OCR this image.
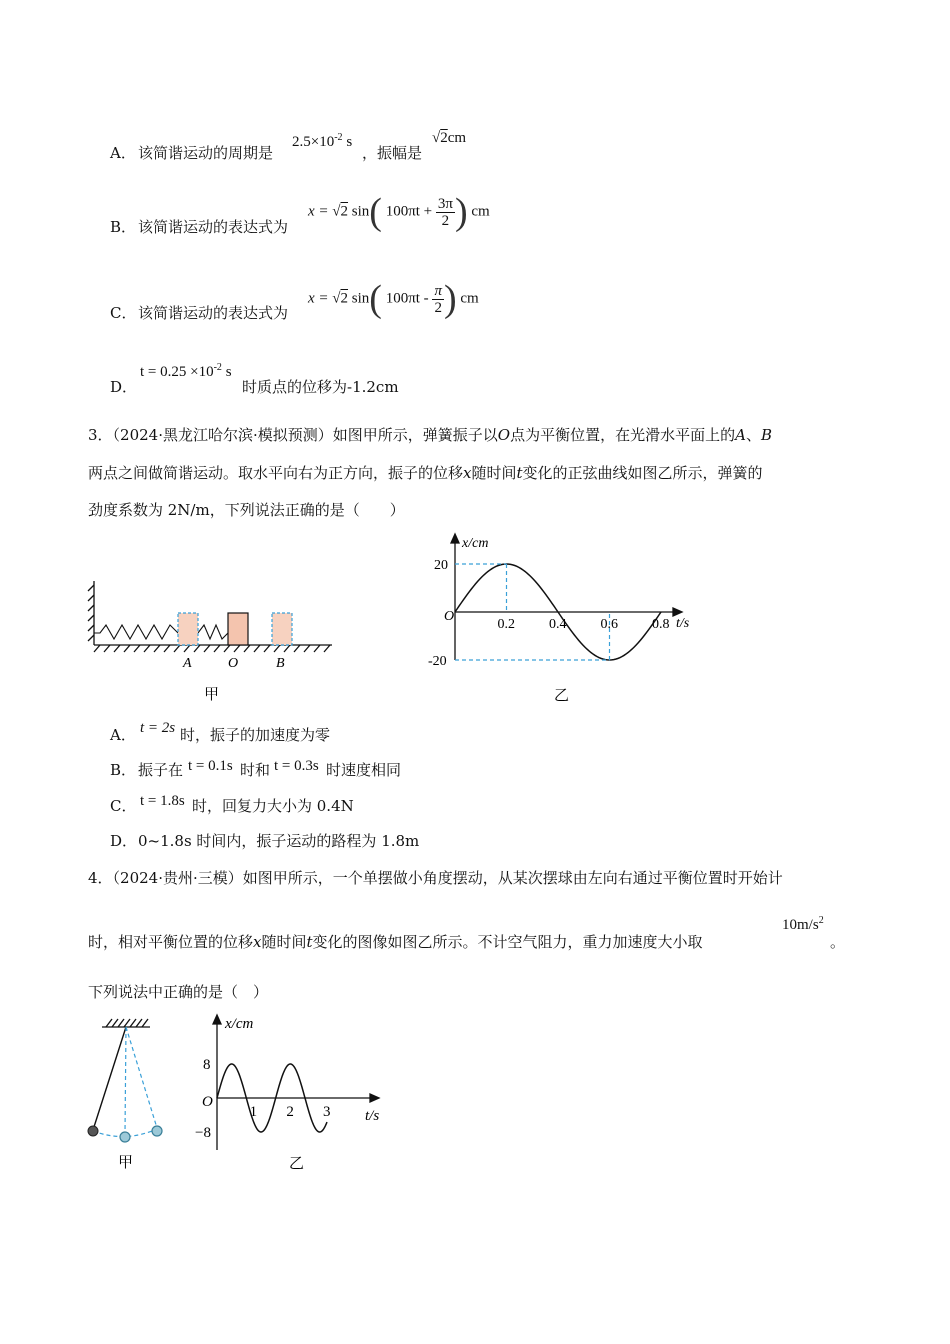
A． 该简谐运动的周期是
$2.5\times 10^{-2}$ s
，振幅是
√2cm
B． 该简谐运动的表达式为
x = √2 sin( $100\pi t + \frac{3\pi}{2}$ ) cm
C． 该简谐运动的表达式为
x = √2 sin( $100\pi t - \frac{\pi}{2}$ ) cm
D．
$t = 0.25 \times 10^{-2}$ s
时质点的位移为-1.2cm
3．（2024·黑龙江哈尔滨·模拟预测）如图甲所示，弹簧振子以O点为平衡位置，在光滑水平面上的A、B
两点之间做简谐运动。取水平向右为正方向，振子的位移x随时间t变化的正弦曲线如图乙所示，弹簧的
劲度系数为 2N/m，下列说法正确的是（　　）
A	O	B
甲
x/cm
t/s
O
0.2 0.4 0.6 0.8
20
-20
乙
A． t = 2s 时，振子的加速度为零
B． 振子在 t = 0.1s 时和 t = 0.3s 时速度相同
C． t = 1.8s 时，回复力大小为 0.4N
D． 0~1.8s 时间内，振子运动的路程为 1.8m
4．（2024·贵州·三模）如图甲所示，一个单摆做小角度摆动，从某次摆球由左向右通过平衡位置时开始计
时，相对平衡位置的位移x随时间t变化的图像如图乙所示。不计空气阻力，重力加速度大小取
$10m/s^2$
。
下列说法中正确的是（　）
甲
x/cm
t/s
O
1 2 3
8
−8
乙
